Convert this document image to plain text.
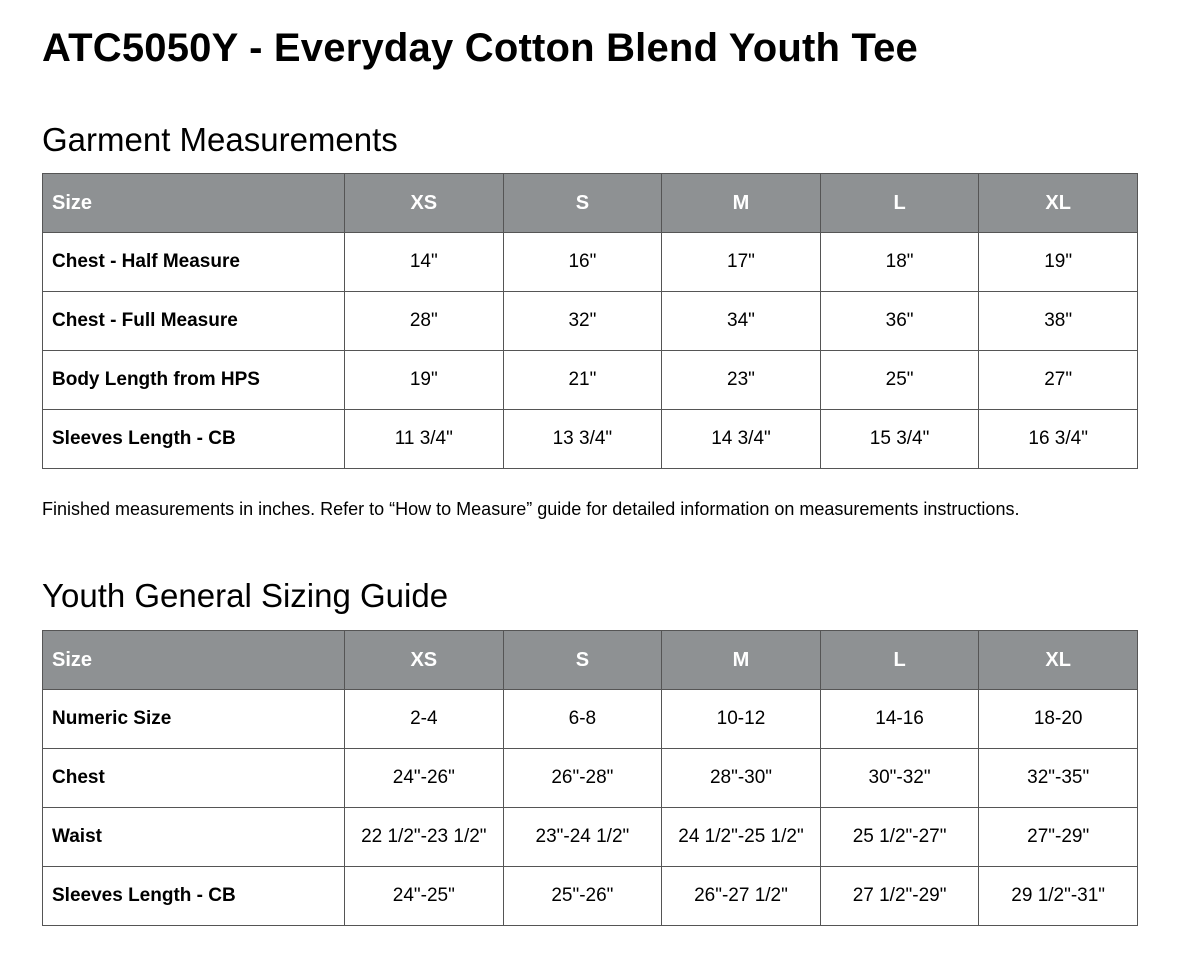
ATC5050Y - Everyday Cotton Blend Youth Tee
Garment Measurements
Size	XS	S	M	L	XL
Chest - Half Measure	14"	16"	17"	18"	19"
Chest - Full Measure	28"	32"	34"	36"	38"
Body Length from HPS	19"	21"	23"	25"	27"
Sleeves Length - CB	11 3/4"	13 3/4"	14 3/4"	15 3/4"	16 3/4"

Finished measurements in inches. Refer to “How to Measure” guide for detailed information on measurements instructions.

Youth General Sizing Guide
Size	XS	S	M	L	XL
Numeric Size	2-4	6-8	10-12	14-16	18-20
Chest	24"-26"	26"-28"	28"-30"	30"-32"	32"-35"
Waist	22 1/2"-23 1/2"	23"-24 1/2"	24 1/2"-25 1/2"	25 1/2"-27"	27"-29"
Sleeves Length - CB	24"-25"	25"-26"	26"-27 1/2"	27 1/2"-29"	29 1/2"-31"
